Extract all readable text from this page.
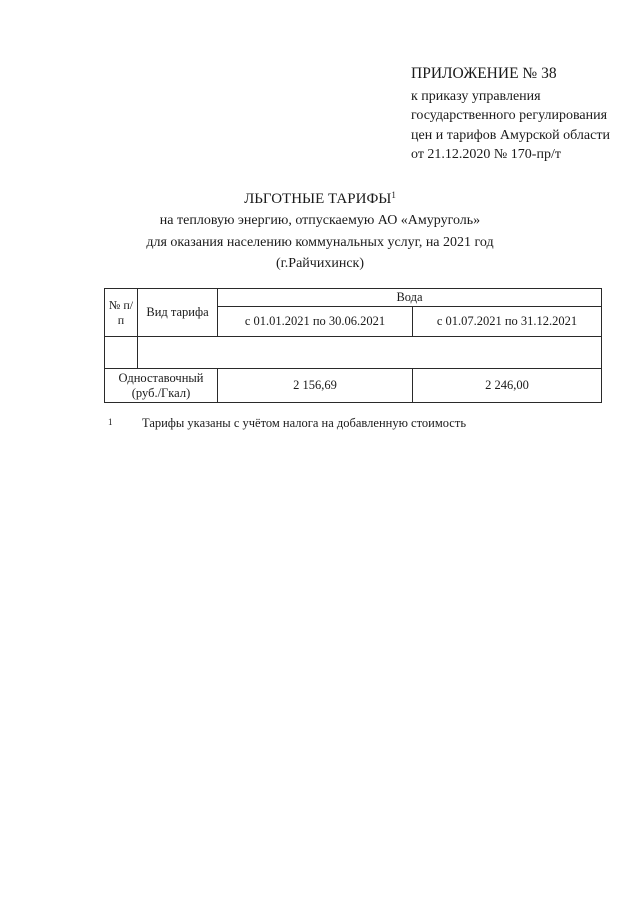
ПРИЛОЖЕНИЕ № 38
к приказу управления
государственного регулирования
цен и тарифов Амурской области
от 21.12.2020 № 170-пр/т
ЛЬГОТНЫЕ ТАРИФЫ$^1$
на тепловую энергию, отпускаемую АО «Амуруголь»
для оказания населению коммунальных услуг, на 2021 год
(г.Райчихинск)
№ п/п	Вид тарифа	Вода	
		с 01.01.2021 по 30.06.2021	с 01.07.2021 по 31.12.2021

Одноставочный (руб./Гкал)		2 156,69	2 246,00
1 Тарифы указаны с учётом налога на добавленную стоимость
